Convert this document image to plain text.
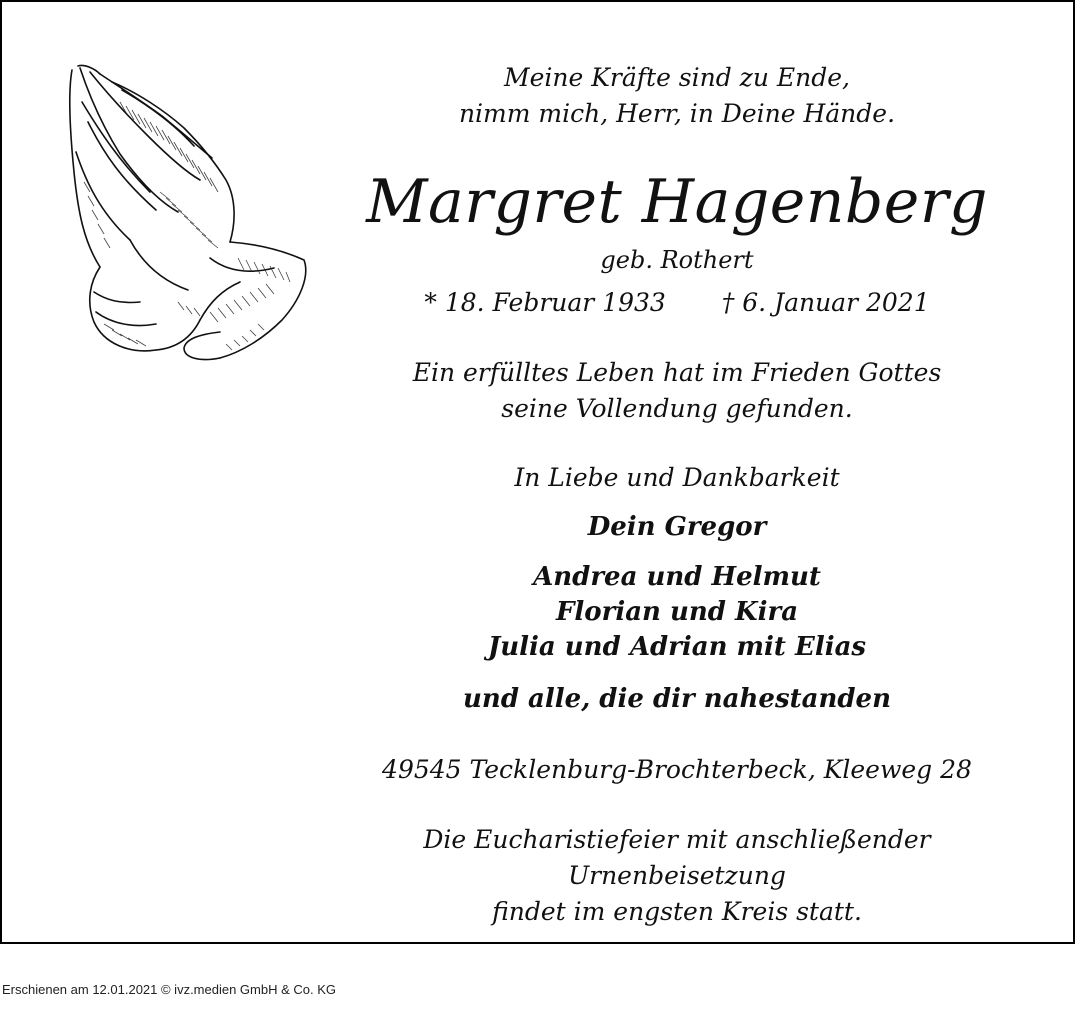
Meine Kräfte sind zu Ende,
nimm mich, Herr, in Deine Hände.
Margret Hagenberg
geb. Rothert
* 18. Februar 1933 † 6. Januar 2021
Ein erfülltes Leben hat im Frieden Gottes
seine Vollendung gefunden.
In Liebe und Dankbarkeit
Dein Gregor
Andrea und Helmut
Florian und Kira
Julia und Adrian mit Elias
und alle, die dir nahestanden
49545 Tecklenburg-Brochterbeck, Kleeweg 28
Die Eucharistiefeier mit anschließender Urnenbeisetzung
findet im engsten Kreis statt.
Erschienen am 12.01.2021 © ivz.medien GmbH & Co. KG
